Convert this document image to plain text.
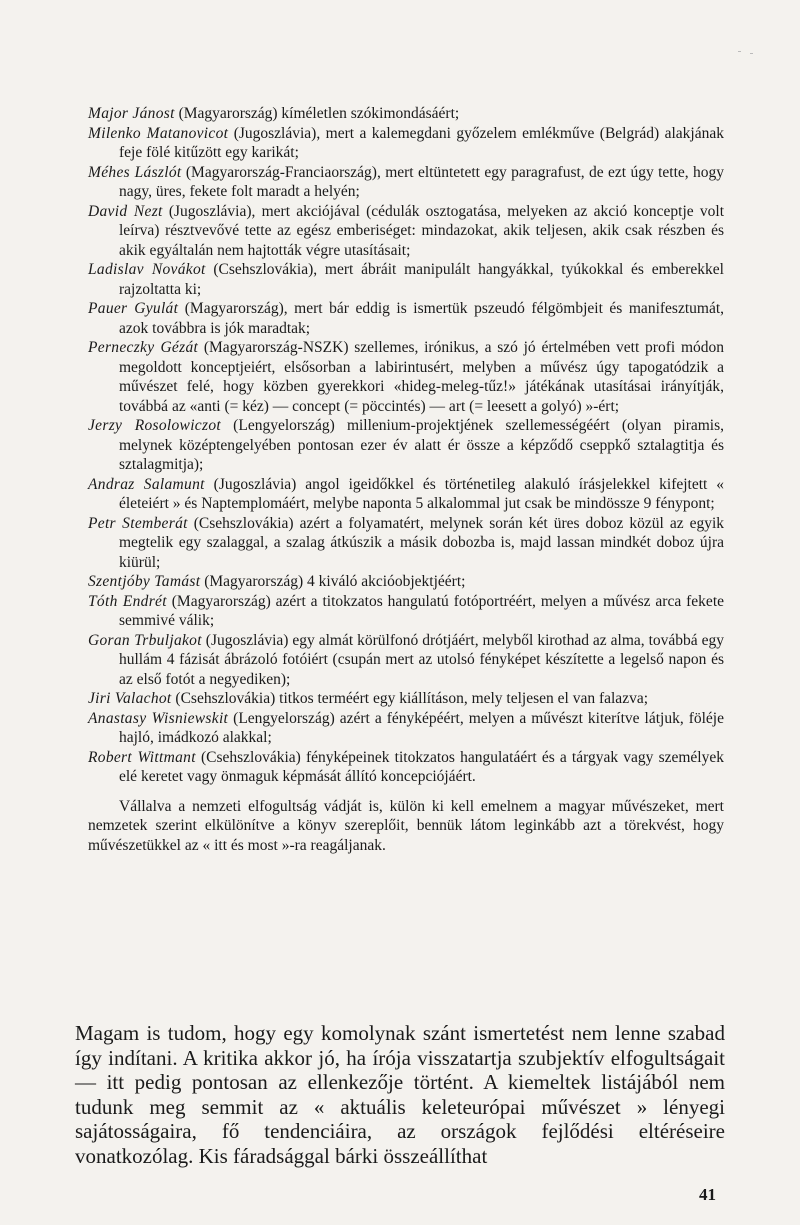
Major Jánost (Magyarország) kíméletlen szókimondásáért;

Milenko Matanovicot (Jugoszlávia), mert a kalemegdani győzelem emlékműve (Belgrád) alakjának feje fölé kitűzött egy karikát;

Méhes Lászlót (Magyarország-Franciaország), mert eltüntetett egy paragrafust, de ezt úgy tette, hogy nagy, üres, fekete folt maradt a helyén;

David Nezt (Jugoszlávia), mert akciójával (cédulák osztogatása, melyeken az akció konceptje volt leírva) résztvevővé tette az egész emberiséget: mindazokat, akik teljesen, akik csak részben és akik egyáltalán nem hajtották végre utasításait;

Ladislav Novákot (Csehszlovákia), mert ábráit manipulált hangyákkal, tyúkokkal és emberekkel rajzoltatta ki;

Pauer Gyulát (Magyarország), mert bár eddig is ismertük pszeudó félgömbjeit és manifesztumát, azok továbbra is jók maradtak;

Perneczky Gézát (Magyarország-NSZK) szellemes, irónikus, a szó jó értelmében vett profi módon megoldott konceptjeiért, elsősorban a labirintusért, melyben a művész úgy tapogatódzik a művészet felé, hogy közben gyerekkori «hideg-meleg-tűz!» játékának utasításai irányítják, továbbá az «anti (= kéz) — concept (= pöccintés) — art (= leesett a golyó) »-ért;

Jerzy Rosolowiczot (Lengyelország) millenium-projektjének szellemességéért (olyan piramis, melynek középtengelyében pontosan ezer év alatt ér össze a képződő cseppkő sztalagtitja és sztalagmitja);

Andraz Salamunt (Jugoszlávia) angol igeidőkkel és történetileg alakuló írásjelekkel kifejtett « életeiért » és Naptemplomáért, melybe naponta 5 alkalommal jut csak be mindössze 9 fénypont;

Petr Stemberát (Csehszlovákia) azért a folyamatért, melynek során két üres doboz közül az egyik megtelik egy szalaggal, a szalag átkúszik a másik dobozba is, majd lassan mindkét doboz újra kiürül;

Szentjóby Tamást (Magyarország) 4 kiváló akcióobjektjéért;

Tóth Endrét (Magyarország) azért a titokzatos hangulatú fotóportréért, melyen a művész arca fekete semmivé válik;

Goran Trbuljakot (Jugoszlávia) egy almát körülfonó drótjáért, melyből kirothad az alma, továbbá egy hullám 4 fázisát ábrázoló fotóiért (csupán mert az utolsó fényképet készítette a legelső napon és az első fotót a negyediken);

Jiri Valachot (Csehszlovákia) titkos terméért egy kiállításon, mely teljesen el van falazva;

Anastasy Wisniewskit (Lengyelország) azért a fényképéért, melyen a művészt kiterítve látjuk, föléje hajló, imádkozó alakkal;

Robert Wittmant (Csehszlovákia) fényképeinek titokzatos hangulatáért és a tárgyak vagy személyek elé keretet vagy önmaguk képmását állító koncepciójáért.

Vállalva a nemzeti elfogultság vádját is, külön ki kell emelnem a magyar művészeket, mert nemzetek szerint elkülönítve a könyv szereplőit, bennük látom leginkább azt a törekvést, hogy művészetükkel az « itt és most »-ra reagáljanak.

Magam is tudom, hogy egy komolynak szánt ismertetést nem lenne szabad így indítani. A kritika akkor jó, ha írója visszatartja szubjektív elfogultságait — itt pedig pontosan az ellenkezője történt. A kiemeltek listájából nem tudunk meg semmit az « aktuális keleteurópai művészet » lényegi sajátosságaira, fő tendenciáira, az országok fejlődési eltéréseire vonatkozólag. Kis fáradsággal bárki összeállíthat

41
